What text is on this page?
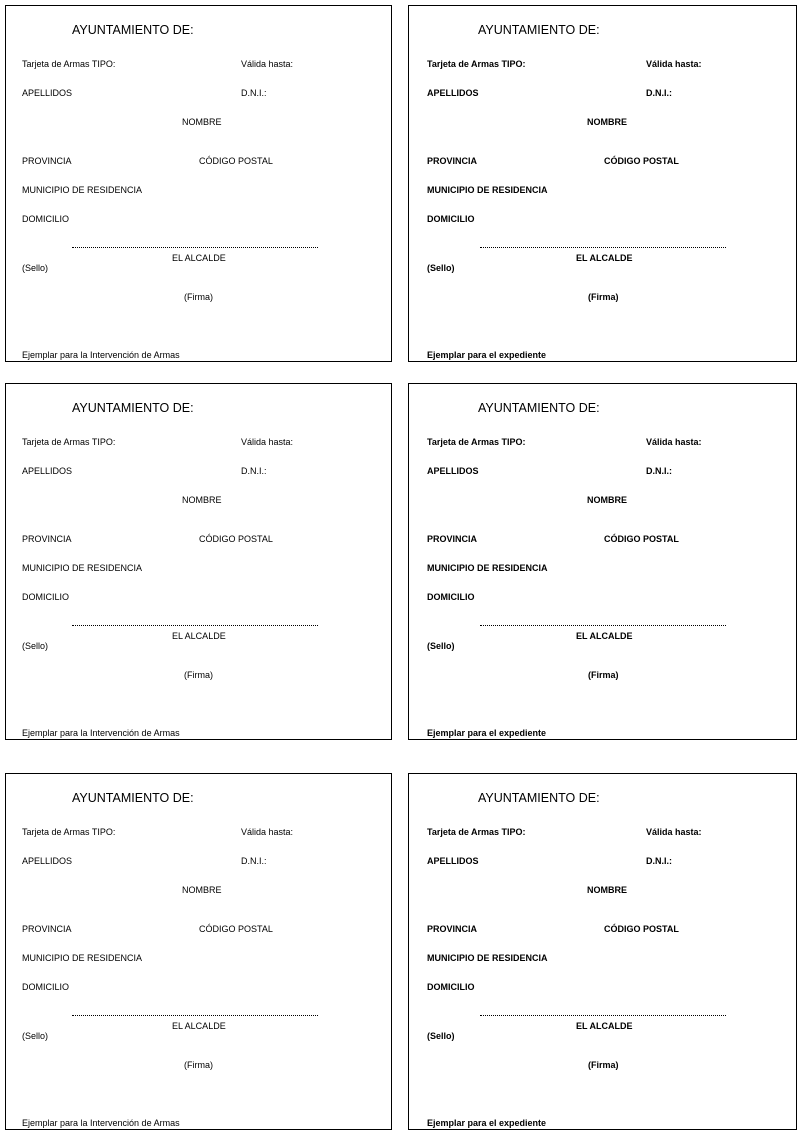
AYUNTAMIENTO DE:
Tarjeta de Armas TIPO:	Válida hasta:
APELLIDOS	D.N.I.:
NOMBRE
PROVINCIA	CÓDIGO POSTAL
MUNICIPIO DE RESIDENCIA
DOMICILIO
EL ALCALDE
(Sello)
(Firma)
Ejemplar para la Intervención de Armas
AYUNTAMIENTO DE:
Tarjeta de Armas TIPO:	Válida hasta:
APELLIDOS	D.N.I.:
NOMBRE
PROVINCIA	CÓDIGO POSTAL
MUNICIPIO DE RESIDENCIA
DOMICILIO
EL ALCALDE
(Sello)
(Firma)
Ejemplar para el expediente
AYUNTAMIENTO DE:
Tarjeta de Armas TIPO:	Válida hasta:
APELLIDOS	D.N.I.:
NOMBRE
PROVINCIA	CÓDIGO POSTAL
MUNICIPIO DE RESIDENCIA
DOMICILIO
EL ALCALDE
(Sello)
(Firma)
Ejemplar para la Intervención de Armas
AYUNTAMIENTO DE:
Tarjeta de Armas TIPO:	Válida hasta:
APELLIDOS	D.N.I.:
NOMBRE
PROVINCIA	CÓDIGO POSTAL
MUNICIPIO DE RESIDENCIA
DOMICILIO
EL ALCALDE
(Sello)
(Firma)
Ejemplar para el expediente
AYUNTAMIENTO DE:
Tarjeta de Armas TIPO:	Válida hasta:
APELLIDOS	D.N.I.:
NOMBRE
PROVINCIA	CÓDIGO POSTAL
MUNICIPIO DE RESIDENCIA
DOMICILIO
EL ALCALDE
(Sello)
(Firma)
Ejemplar para la Intervención de Armas
AYUNTAMIENTO DE:
Tarjeta de Armas TIPO:	Válida hasta:
APELLIDOS	D.N.I.:
NOMBRE
PROVINCIA	CÓDIGO POSTAL
MUNICIPIO DE RESIDENCIA
DOMICILIO
EL ALCALDE
(Sello)
(Firma)
Ejemplar para el expediente
